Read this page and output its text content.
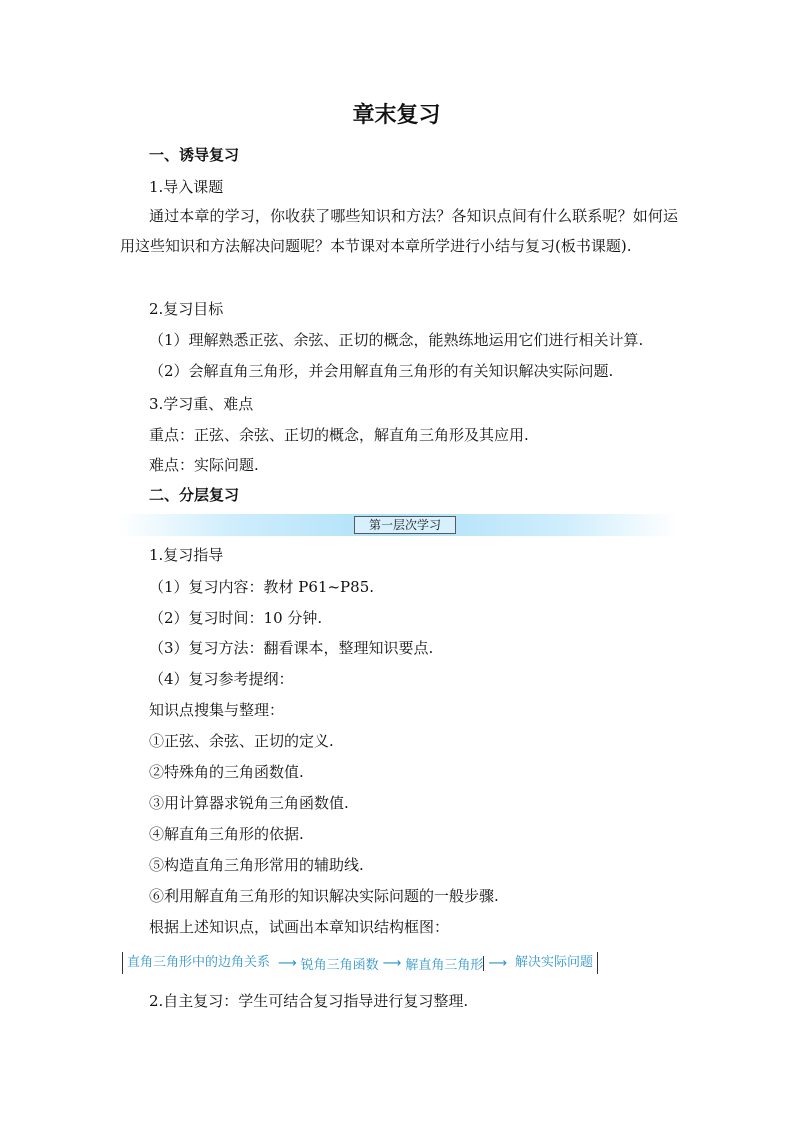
章末复习
一、诱导复习
1.导入课题
通过本章的学习，你收获了哪些知识和方法？各知识点间有什么联系呢？如何运用这些知识和方法解决问题呢？本节课对本章所学进行小结与复习(板书课题).
2.复习目标
（1）理解熟悉正弦、余弦、正切的概念，能熟练地运用它们进行相关计算.
（2）会解直角三角形，并会用解直角三角形的有关知识解决实际问题.
3.学习重、难点
重点：正弦、余弦、正切的概念，解直角三角形及其应用.
难点：实际问题.
二、分层复习
第一层次学习
1.复习指导
（1）复习内容：教材 P61~P85.
（2）复习时间：10 分钟.
（3）复习方法：翻看课本，整理知识要点.
（4）复习参考提纲：
知识点搜集与整理：
①正弦、余弦、正切的定义.
②特殊角的三角函数值.
③用计算器求锐角三角函数值.
④解直角三角形的依据.
⑤构造直角三角形常用的辅助线.
⑥利用解直角三角形的知识解决实际问题的一般步骤.
根据上述知识点，试画出本章知识结构框图：
直角三角形中的边角关系 ⟶ 锐角三角函数 ⟶ 解直角三角形 ⟶ 解决实际问题
2.自主复习：学生可结合复习指导进行复习整理.
